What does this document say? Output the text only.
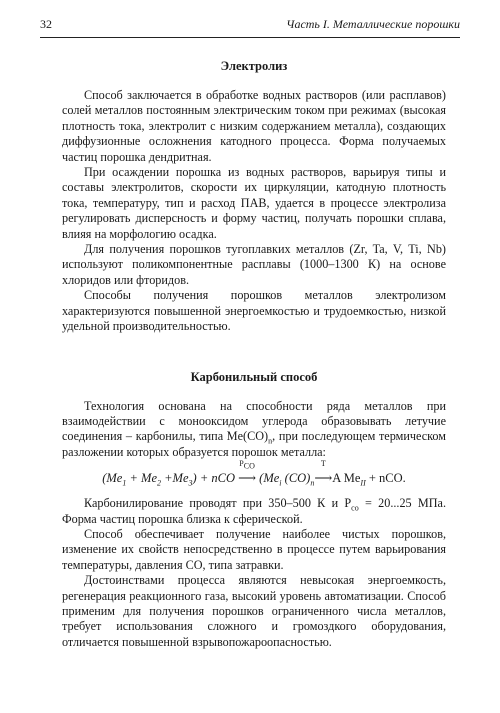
32	Часть I. Металлические порошки
Электролиз

Способ заключается в обработке водных растворов (или расплавов) солей металлов постоянным электрическим током при режимах (высокая плотность тока, электролит с низким содержанием металла), создающих диффузионные осложнения катодного процесса. Форма получаемых частиц порошка дендритная.

При осаждении порошка из водных растворов, варьируя типы и составы электролитов, скорости их циркуляции, катодную плотность тока, температуру, тип и расход ПАВ, удается в процессе электролиза регулировать дисперсность и форму частиц, получать порошки сплава, влияя на морфологию осадка.

Для получения порошков тугоплавких металлов (Zr, Ta, V, Ti, Nb) используют поликомпонентные расплавы (1000–1300 К) на основе хлоридов или фторидов.

Способы получения порошков металлов электролизом характеризуются повышенной энергоемкостью и трудоемкостью, низкой удельной производительностью.

Карбонильный способ

Технология основана на способности ряда металлов при взаимодействии с монооксидом углерода образовывать летучие соединения – карбонилы, типа $Me(CO)_n$, при последующем термическом разложении которых образуется порошок металла:

$(Me_1 + Me_2 +Me_3)$ + nCO
$P_{CO}$
⟶ ($Me_i$ $(CO)_n$
T
⟶A $Me_{II}$ + nCO.

Карбонилирование проводят при 350–500 К и $P_{co} = 20...25$ МПа. Форма частиц порошка близка к сферической.

Способ обеспечивает получение наиболее чистых порошков, изменение их свойств непосредственно в процессе путем варьирования температуры, давления CO, типа затравки.

Достоинствами процесса являются невысокая энергоемкость, регенерация реакционного газа, высокий уровень автоматизации. Способ применим для получения порошков ограниченного числа металлов, требует использования сложного и громоздкого оборудования, отличается повышенной взрывопожароопасностью.
